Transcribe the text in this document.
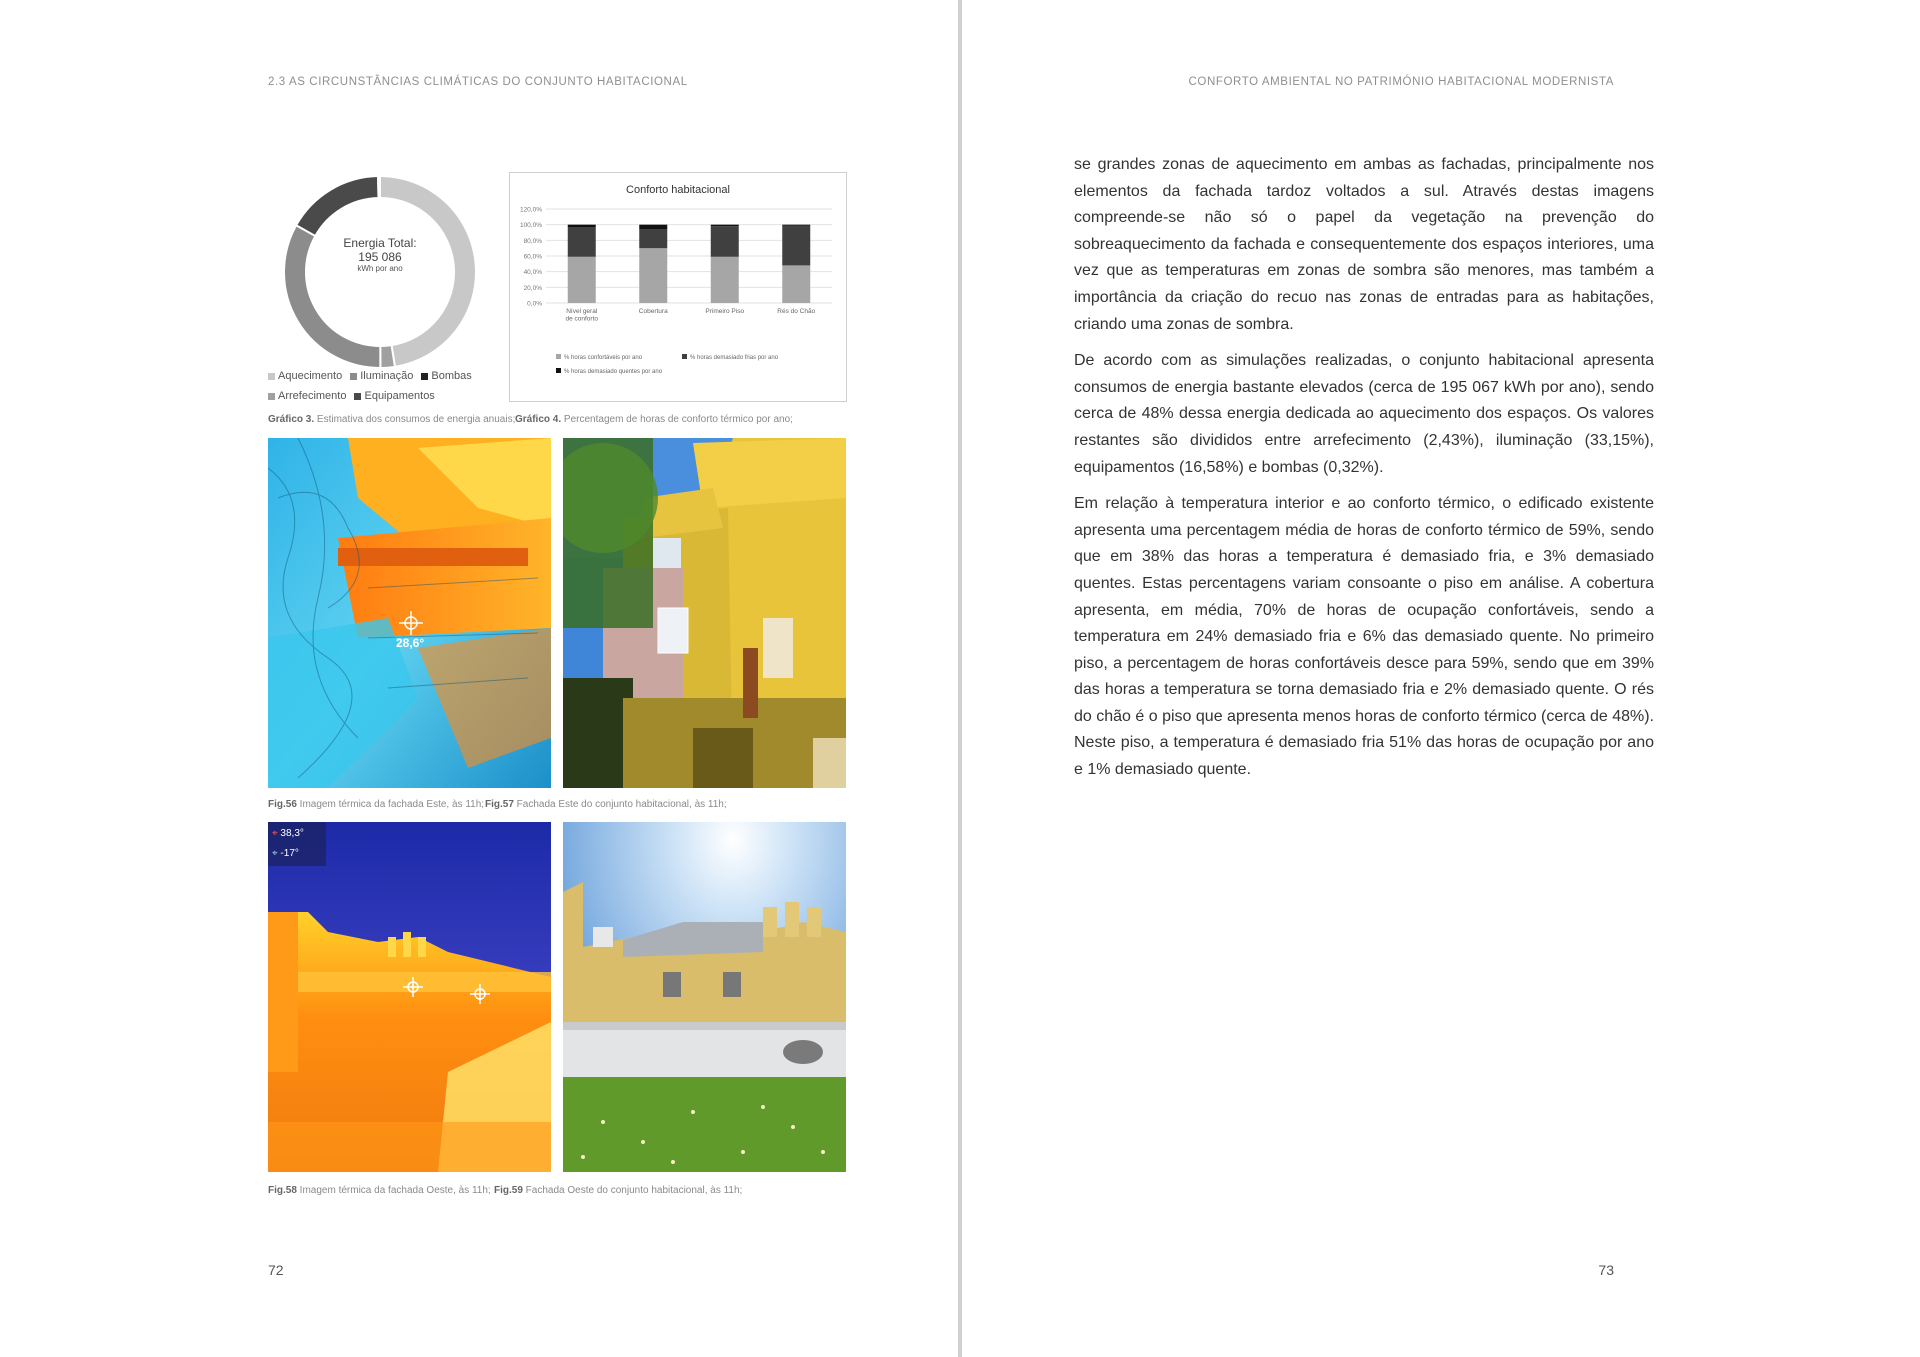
2.3 AS CIRCUNSTÂNCIAS CLIMÁTICAS DO CONJUNTO HABITACIONAL
Energia Total:
195 086
kWh por ano
Aquecimento Iluminação Bombas
Arrefecimento Equipamentos
Gráfico 3. Estimativa dos consumos de energia anuais; Gráfico 4. Percentagem de horas de conforto térmico por ano;
Conforto habitacional
0,0%
20,0%
40,0%
60,0%
80,0%
100,0%
120,0%
Nível geral
de conforto
Cobertura	Primeiro Piso	Rés do Chão
% horas confortáveis por ano	% horas demasiado frias por ano
% horas demasiado quentes por ano
28,6°
Fig.56 Imagem térmica da fachada Este, às 11h; Fig.57 Fachada Este do conjunto habitacional, às 11h;
⌖ 38,3°
⌖ -17°
Fig.58 Imagem térmica da fachada Oeste, às 11h; Fig.59 Fachada Oeste do conjunto habitacional, às 11h;
72
CONFORTO AMBIENTAL NO PATRIMÓNIO HABITACIONAL MODERNISTA
73

se grandes zonas de aquecimento em ambas as fachadas, principalmente nos elementos da fachada tardoz voltados a sul. Através destas imagens compreende-se não só o papel da vegetação na prevenção do sobreaquecimento da fachada e consequentemente dos espaços interiores, uma vez que as temperaturas em zonas de sombra são menores, mas também a importância da criação do recuo nas zonas de entradas para as habitações, criando uma zonas de sombra.

De acordo com as simulações realizadas, o conjunto habitacional apresenta consumos de energia bastante elevados (cerca de 195 067 kWh por ano), sendo cerca de 48% dessa energia dedicada ao aquecimento dos espaços. Os valores restantes são divididos entre arrefecimento (2,43%), iluminação (33,15%), equipamentos (16,58%) e bombas (0,32%).

Em relação à temperatura interior e ao conforto térmico, o edificado existente apresenta uma percentagem média de horas de conforto térmico de 59%, sendo que em 38% das horas a temperatura é demasiado fria, e 3% demasiado quentes. Estas percentagens variam consoante o piso em análise. A cobertura apresenta, em média, 70% de horas de ocupação confortáveis, sendo a temperatura em 24% demasiado fria e 6% das demasiado quente. No primeiro piso, a percentagem de horas confortáveis desce para 59%, sendo que em 39% das horas a temperatura se torna demasiado fria e 2% demasiado quente. O rés do chão é o piso que apresenta menos horas de conforto térmico (cerca de 48%). Neste piso, a temperatura é demasiado fria 51% das horas de ocupação por ano e 1% demasiado quente.
